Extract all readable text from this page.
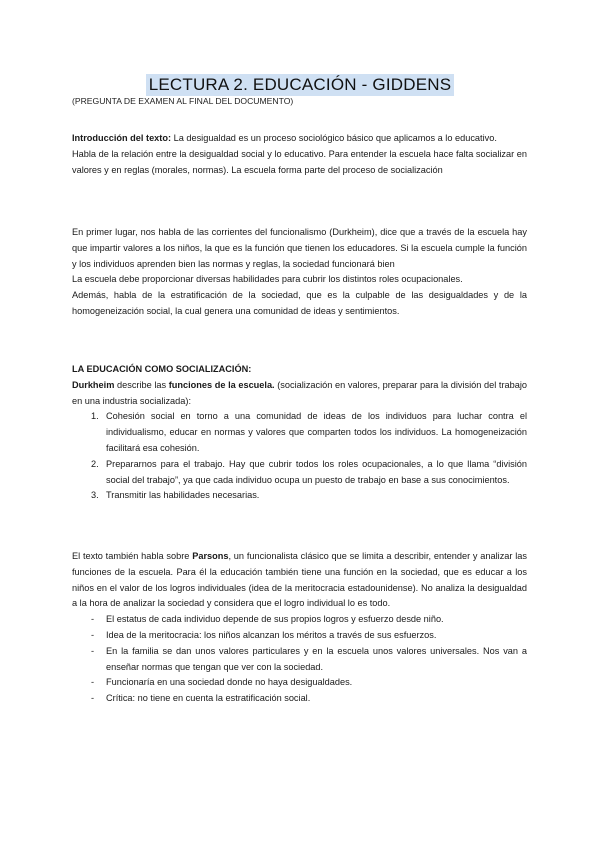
LECTURA 2. EDUCACIÓN - GIDDENS
(PREGUNTA DE EXAMEN AL FINAL DEL DOCUMENTO)

Introducción del texto: La desigualdad es un proceso sociológico básico que aplicamos a lo educativo.

Habla de la relación entre la desigualdad social y lo educativo. Para entender la escuela hace falta socializar en valores y en reglas (morales, normas). La escuela forma parte del proceso de socialización

En primer lugar, nos habla de las corrientes del funcionalismo (Durkheim), dice que a través de la escuela hay que impartir valores a los niños, la que es la función que tienen los educadores. Si la escuela cumple la función y los individuos aprenden bien las normas y reglas, la sociedad funcionará bien

La escuela debe proporcionar diversas habilidades para cubrir los distintos roles ocupacionales.

Además, habla de la estratificación de la sociedad, que es la culpable de las desigualdades y de la homogeneización social, la cual genera una comunidad de ideas y sentimientos.

LA EDUCACIÓN COMO SOCIALIZACIÓN:

Durkheim describe las funciones de la escuela. (socialización en valores, preparar para la división del trabajo en una industria socializada):

1. Cohesión social en torno a una comunidad de ideas de los individuos para luchar contra el individualismo, educar en normas y valores que comparten todos los individuos. La homogeneización facilitará esa cohesión.
2. Prepararnos para el trabajo. Hay que cubrir todos los roles ocupacionales, a lo que llama “división social del trabajo”, ya que cada individuo ocupa un puesto de trabajo en base a sus conocimientos.
3. Transmitir las habilidades necesarias.

El texto también habla sobre Parsons, un funcionalista clásico que se limita a describir, entender y analizar las funciones de la escuela. Para él la educación también tiene una función en la sociedad, que es educar a los niños en el valor de los logros individuales (idea de la meritocracia estadounidense). No analiza la desigualdad a la hora de analizar la sociedad y considera que el logro individual lo es todo.

- El estatus de cada individuo depende de sus propios logros y esfuerzo desde niño.
- Idea de la meritocracia: los niños alcanzan los méritos a través de sus esfuerzos.
- En la familia se dan unos valores particulares y en la escuela unos valores universales. Nos van a enseñar normas que tengan que ver con la sociedad.
- Funcionaría en una sociedad donde no haya desigualdades.
- Crítica: no tiene en cuenta la estratificación social.
